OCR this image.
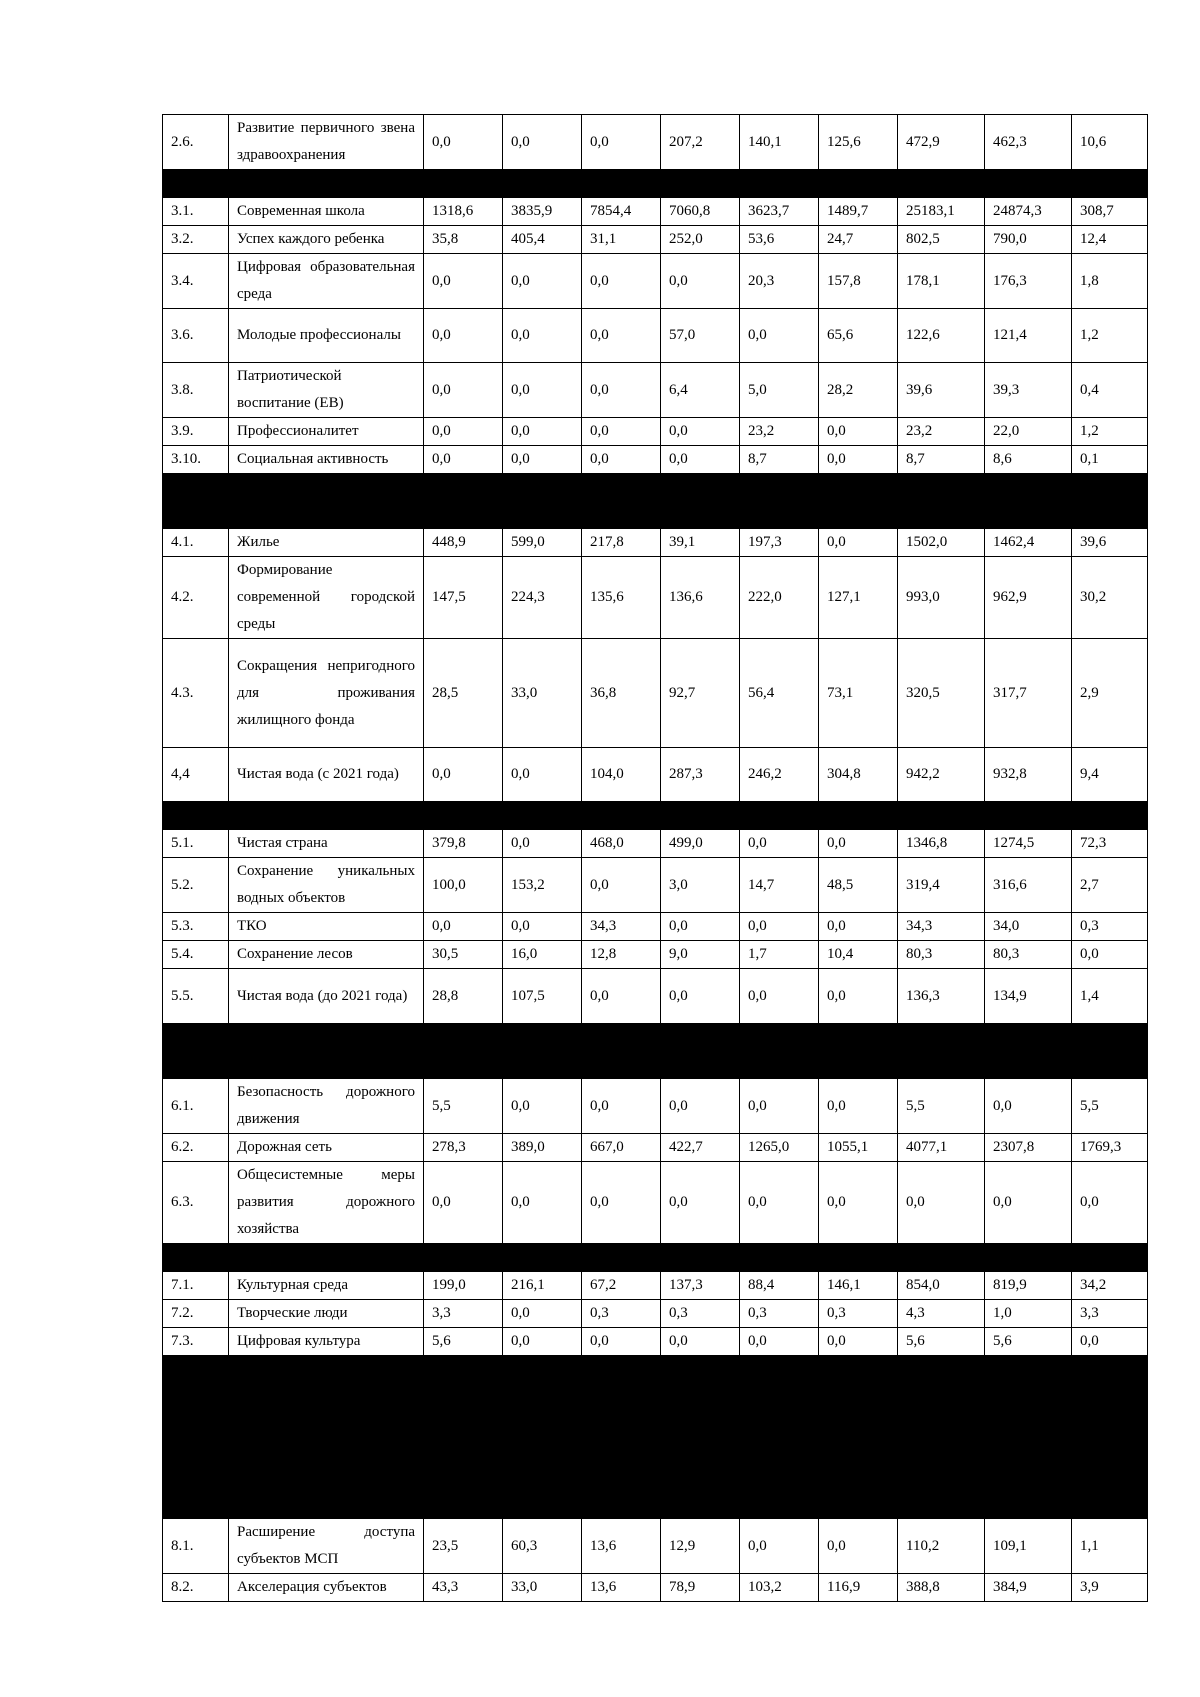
2.6.	Развитие первичного звена здравоохранения	0,0	0,0	0,0	207,2	140,1	125,6	472,9	462,3	10,6

3.1.	Современная школа	1318,6	3835,9	7854,4	7060,8	3623,7	1489,7	25183,1	24874,3	308,7
3.2.	Успех каждого ребенка	35,8	405,4	31,1	252,0	53,6	24,7	802,5	790,0	12,4
3.4.	Цифровая образовательная среда	0,0	0,0	0,0	0,0	20,3	157,8	178,1	176,3	1,8
3.6.	Молодые профессионалы	0,0	0,0	0,0	57,0	0,0	65,6	122,6	121,4	1,2
3.8.	Патриотической воспитание (ЕВ)	0,0	0,0	0,0	6,4	5,0	28,2	39,6	39,3	0,4
3.9.	Профессионалитет	0,0	0,0	0,0	0,0	23,2	0,0	23,2	22,0	1,2
3.10.	Социальная активность	0,0	0,0	0,0	0,0	8,7	0,0	8,7	8,6	0,1

4.1.	Жилье	448,9	599,0	217,8	39,1	197,3	0,0	1502,0	1462,4	39,6
4.2.	Формирование современной городской среды	147,5	224,3	135,6	136,6	222,0	127,1	993,0	962,9	30,2
4.3.	Сокращения непригодного для проживания жилищного фонда	28,5	33,0	36,8	92,7	56,4	73,1	320,5	317,7	2,9
4,4	Чистая вода (с 2021 года)	0,0	0,0	104,0	287,3	246,2	304,8	942,2	932,8	9,4

5.1.	Чистая страна	379,8	0,0	468,0	499,0	0,0	0,0	1346,8	1274,5	72,3
5.2.	Сохранение уникальных водных объектов	100,0	153,2	0,0	3,0	14,7	48,5	319,4	316,6	2,7
5.3.	ТКО	0,0	0,0	34,3	0,0	0,0	0,0	34,3	34,0	0,3
5.4.	Сохранение лесов	30,5	16,0	12,8	9,0	1,7	10,4	80,3	80,3	0,0
5.5.	Чистая вода (до 2021 года)	28,8	107,5	0,0	0,0	0,0	0,0	136,3	134,9	1,4

6.1.	Безопасность дорожного движения	5,5	0,0	0,0	0,0	0,0	0,0	5,5	0,0	5,5
6.2.	Дорожная сеть	278,3	389,0	667,0	422,7	1265,0	1055,1	4077,1	2307,8	1769,3
6.3.	Общесистемные меры развития дорожного хозяйства	0,0	0,0	0,0	0,0	0,0	0,0	0,0	0,0	0,0

7.1.	Культурная среда	199,0	216,1	67,2	137,3	88,4	146,1	854,0	819,9	34,2
7.2.	Творческие люди	3,3	0,0	0,3	0,3	0,3	0,3	4,3	1,0	3,3
7.3.	Цифровая культура	5,6	0,0	0,0	0,0	0,0	0,0	5,6	5,6	0,0

8.1.	Расширение доступа субъектов МСП	23,5	60,3	13,6	12,9	0,0	0,0	110,2	109,1	1,1
8.2.	Акселерация субъектов	43,3	33,0	13,6	78,9	103,2	116,9	388,8	384,9	3,9
